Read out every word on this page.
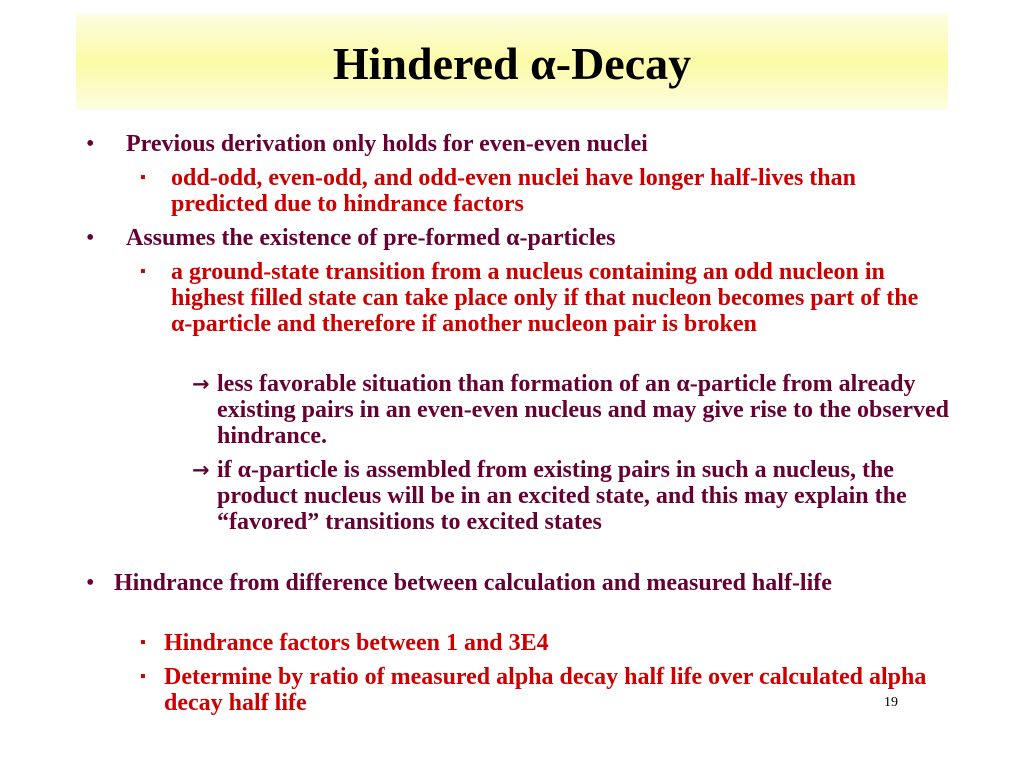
Hindered α-Decay
• Previous derivation only holds for even-even nuclei
▪ odd-odd, even-odd, and odd-even nuclei have longer half-lives than predicted due to hindrance factors
• Assumes the existence of pre-formed α-particles
▪ a ground-state transition from a nucleus containing an odd nucleon in highest filled state can take place only if that nucleon becomes part of the α-particle and therefore if another nucleon pair is broken
→ less favorable situation than formation of an α-particle from already existing pairs in an even-even nucleus and may give rise to the observed hindrance.
→ if α-particle is assembled from existing pairs in such a nucleus, the product nucleus will be in an excited state, and this may explain the “favored” transitions to excited states
• Hindrance from difference between calculation and measured half-life
▪ Hindrance factors between 1 and 3E4
▪ Determine by ratio of measured alpha decay half life over calculated alpha decay half life	19
